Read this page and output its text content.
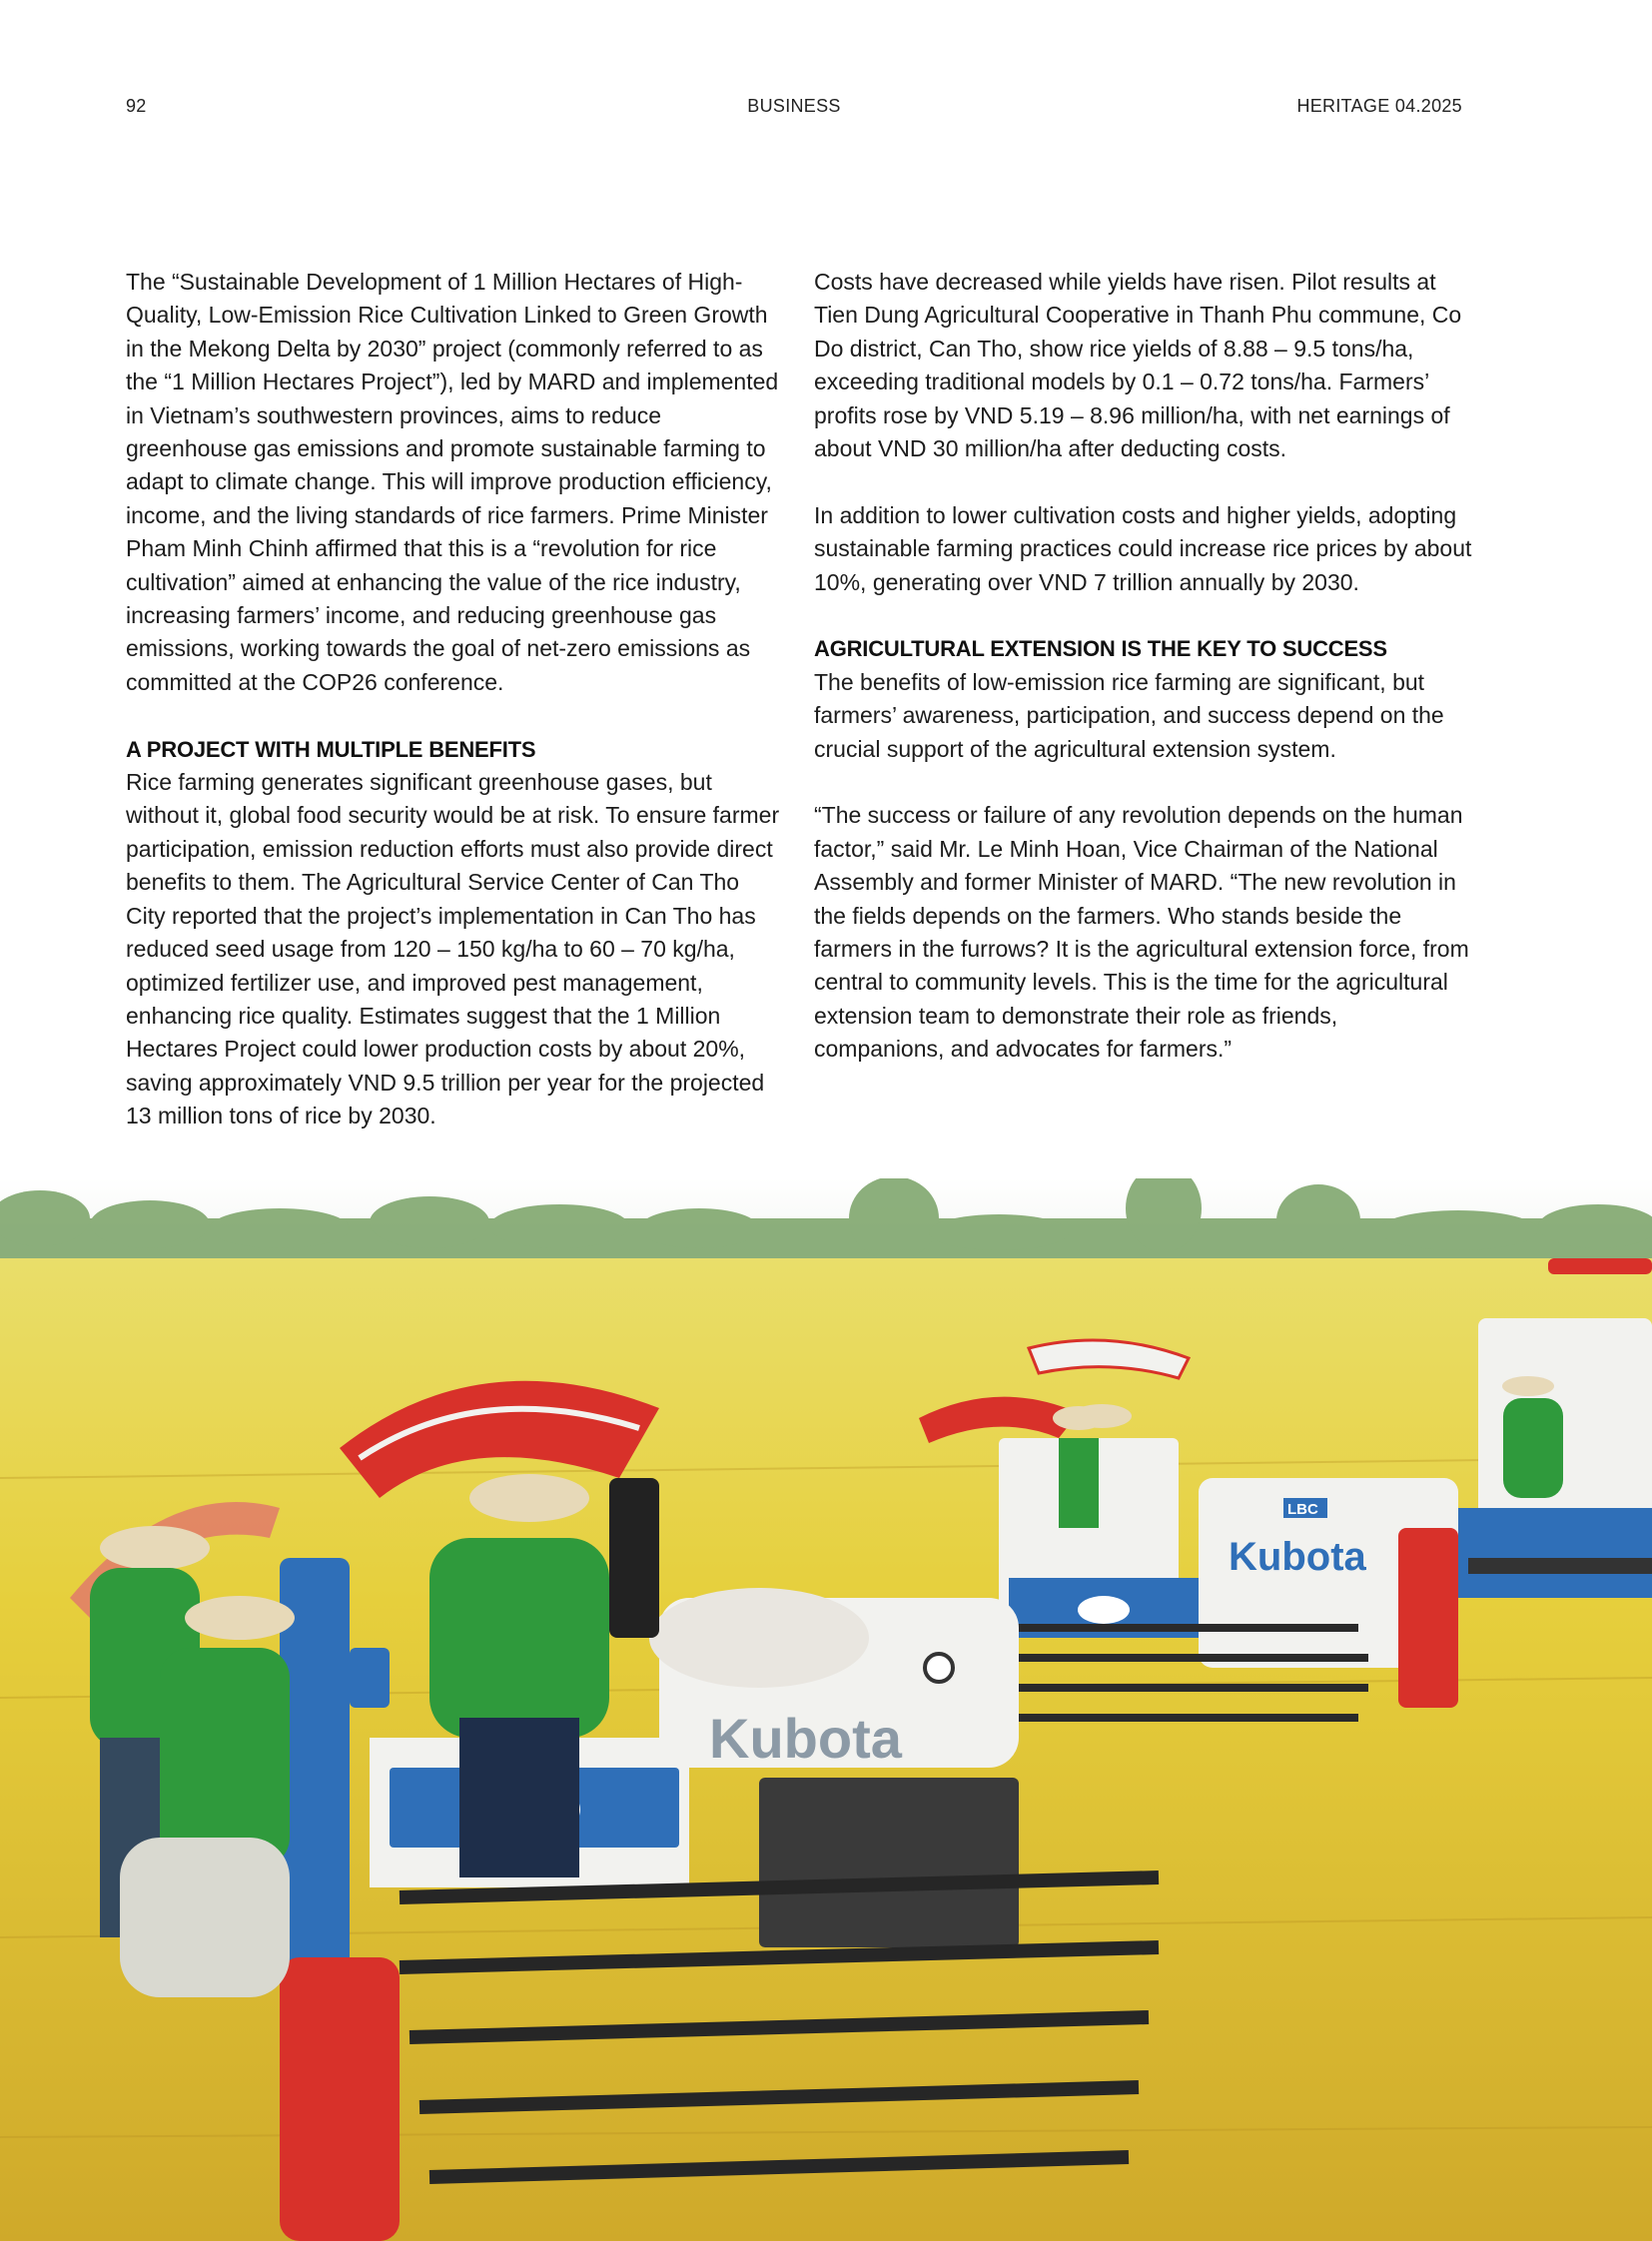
92	BUSINESS	HERITAGE 04.2025

The “Sustainable Development of 1 Million Hectares of High-Quality, Low-Emission Rice Cultivation Linked to Green Growth in the Mekong Delta by 2030” project (commonly referred to as the “1 Million Hectares Project”), led by MARD and implemented in Vietnam’s southwestern provinces, aims to reduce greenhouse gas emissions and promote sustainable farming to adapt to climate change. This will improve production efficiency, income, and the living standards of rice farmers. Prime Minister Pham Minh Chinh affirmed that this is a “revolution for rice cultivation” aimed at enhancing the value of the rice industry, increasing farmers’ income, and reducing greenhouse gas emissions, working towards the goal of net-zero emissions as committed at the COP26 conference.

A PROJECT WITH MULTIPLE BENEFITS

Rice farming generates significant greenhouse gases, but without it, global food security would be at risk. To ensure farmer participation, emission reduction efforts must also provide direct benefits to them. The Agricultural Service Center of Can Tho City reported that the project’s implementation in Can Tho has reduced seed usage from 120 – 150 kg/ha to 60 – 70 kg/ha, optimized fertilizer use, and improved pest management, enhancing rice quality. Estimates suggest that the 1 Million Hectares Project could lower production costs by about 20%, saving approximately VND 9.5 trillion per year for the projected 13 million tons of rice by 2030.

Costs have decreased while yields have risen. Pilot results at Tien Dung Agricultural Cooperative in Thanh Phu commune, Co Do district, Can Tho, show rice yields of 8.88 – 9.5 tons/ha, exceeding traditional models by 0.1 – 0.72 tons/ha. Farmers’ profits rose by VND 5.19 – 8.96 million/ha, with net earnings of about VND 30 million/ha after deducting costs.

In addition to lower cultivation costs and higher yields, adopting sustainable farming practices could increase rice prices by about 10%, generating over VND 7 trillion annually by 2030.

AGRICULTURAL EXTENSION IS THE KEY TO SUCCESS

The benefits of low-emission rice farming are significant, but farmers’ awareness, participation, and success depend on the crucial support of the agricultural extension system.

“The success or failure of any revolution depends on the human factor,” said Mr. Le Minh Hoan, Vice Chairman of the National Assembly and former Minister of MARD. “The new revolution in the fields depends on the farmers. Who stands beside the farmers in the furrows? It is the agricultural extension force, from central to community levels. This is the time for the agricultural extension team to demonstrate their role as friends, companions, and advocates for farmers.”

Kubota
LBC
Kubota
